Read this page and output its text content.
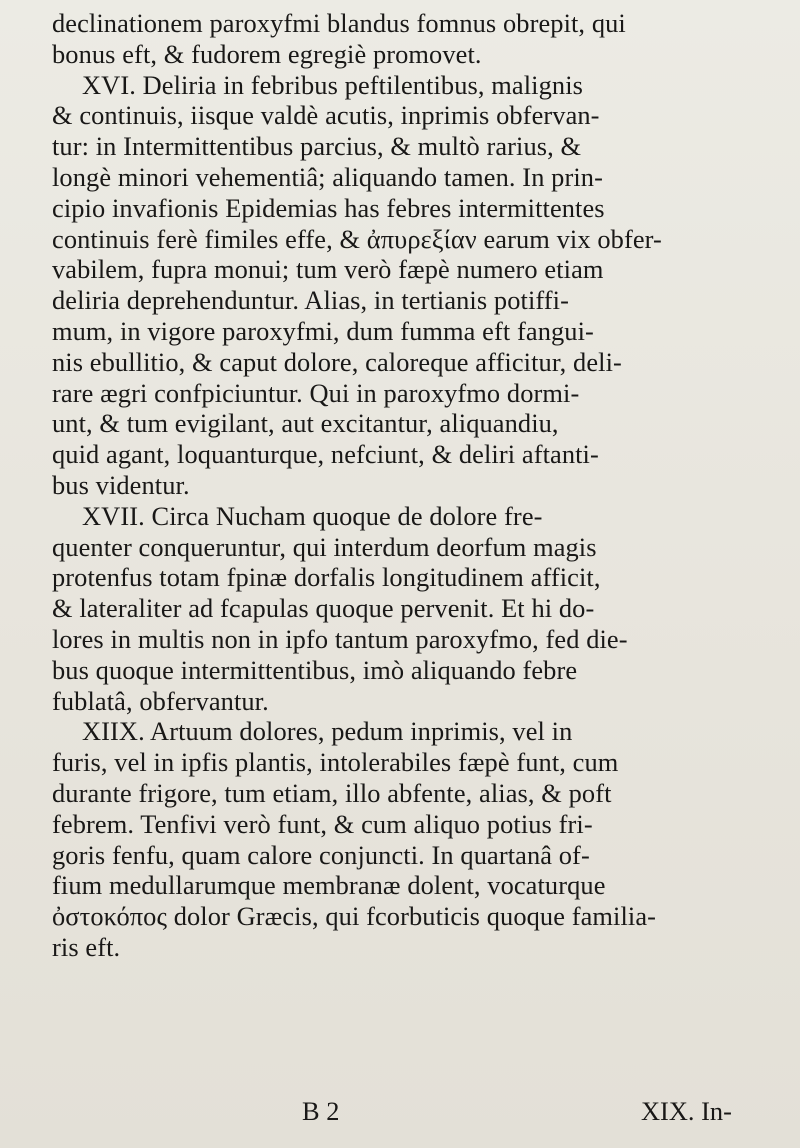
declinationem paroxyfmi blandus fomnus obrepit, qui
bonus eft, & fudorem egregiè promovet.
XVI. Deliria in febribus peftilentibus, malignis
& continuis, iisque valdè acutis, inprimis obfervan-
tur: in Intermittentibus parcius, & multò rarius, &
longè minori vehementiâ; aliquando tamen. In prin-
cipio invafionis Epidemias has febres intermittentes
continuis ferè fimiles effe, & ἀπυρεξίαν earum vix obfer-
vabilem, fupra monui; tum verò fæpè numero etiam
deliria deprehenduntur. Alias, in tertianis potiffi-
mum, in vigore paroxyfmi, dum fumma eft fangui-
nis ebullitio, & caput dolore, caloreque afficitur, deli-
rare ægri confpiciuntur. Qui in paroxyfmo dormi-
unt, & tum evigilant, aut excitantur, aliquandiu,
quid agant, loquanturque, nefciunt, & deliri aftanti-
bus videntur.
XVII. Circa Nucham quoque de dolore fre-
quenter conqueruntur, qui interdum deorfum magis
protenfus totam fpinæ dorfalis longitudinem afficit,
& lateraliter ad fcapulas quoque pervenit. Et hi do-
lores in multis non in ipfo tantum paroxyfmo, fed die-
bus quoque intermittentibus, imò aliquando febre
fublatâ, obfervantur.
XIIX. Artuum dolores, pedum inprimis, vel in
furis, vel in ipfis plantis, intolerabiles fæpè funt, cum
durante frigore, tum etiam, illo abfente, alias, & poft
febrem. Tenfivi verò funt, & cum aliquo potius fri-
goris fenfu, quam calore conjuncti. In quartanâ of-
fium medullarumque membranæ dolent, vocaturque
ὀστοκόπος dolor Græcis, qui fcorbuticis quoque familia-
ris eft.
B 2	XIX. In-
